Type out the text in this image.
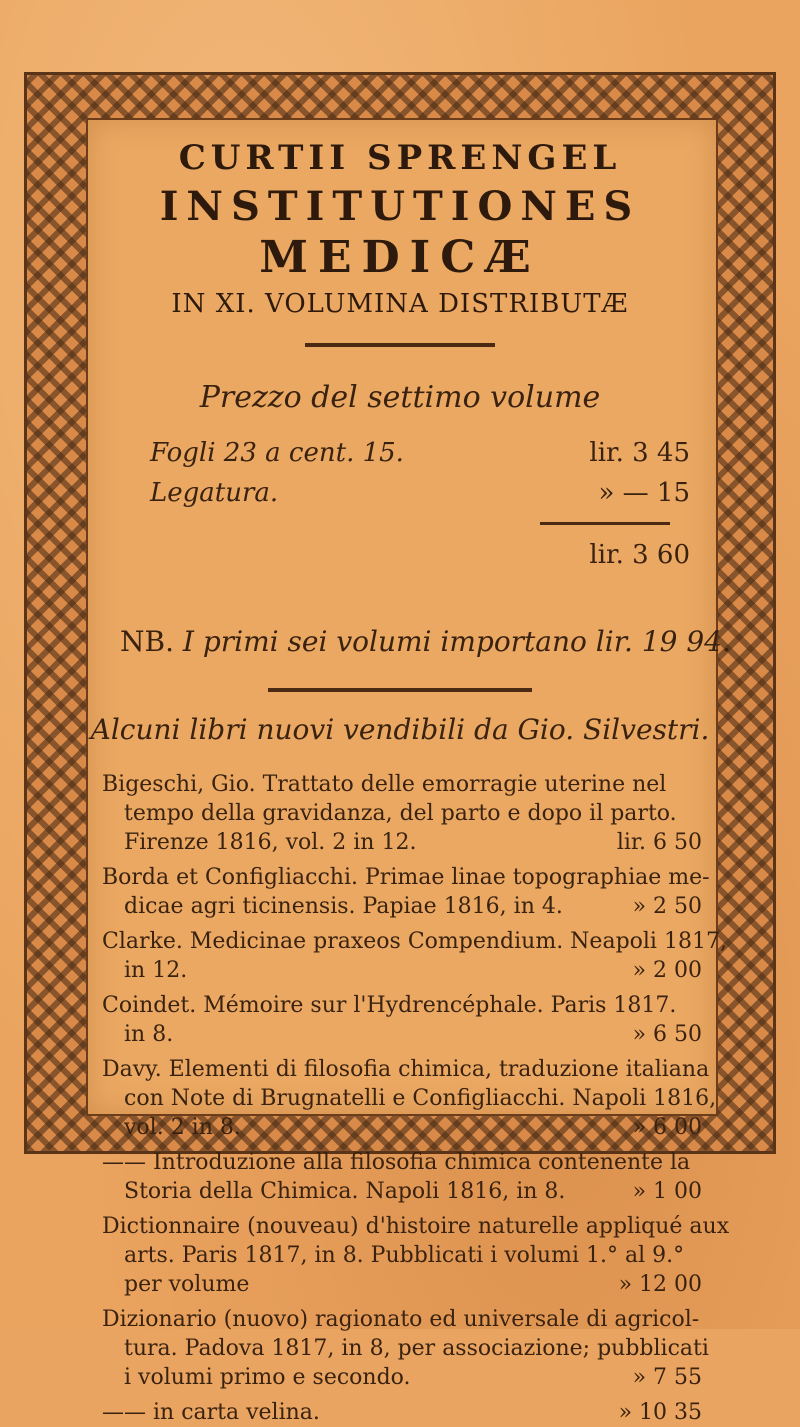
CURTII SPRENGEL
INSTITUTIONES
MEDICÆ
IN XI. VOLUMINA DISTRIBUTÆ
Prezzo del settimo volume
Fogli 23 a cent. 15.	lir. 3 45
Legatura.	» — 15
lir. 3 60
NB. I primi sei volumi importano lir. 19 94.
Alcuni libri nuovi vendibili da Gio. Silvestri.
Bigeschi, Gio. Trattato delle emorragie uterine nel
tempo della gravidanza, del parto e dopo il parto.
Firenze 1816, vol. 2 in 12.	lir. 6 50
Borda et Configliacchi. Primae linae topographiae me-
dicae agri ticinensis. Papiae 1816, in 4.	» 2 50
Clarke. Medicinae praxeos Compendium. Neapoli 1817,
in 12.	» 2 00
Coindet. Mémoire sur l'Hydrencéphale. Paris 1817.
in 8.	» 6 50
Davy. Elementi di filosofia chimica, traduzione italiana
con Note di Brugnatelli e Configliacchi. Napoli 1816,
vol. 2 in 8.	» 6 00
—— Introduzione alla filosofia chimica contenente la
Storia della Chimica. Napoli 1816, in 8.	» 1 00
Dictionnaire (nouveau) d'histoire naturelle appliqué aux
arts. Paris 1817, in 8. Pubblicati i volumi 1.° al 9.°
per volume	» 12 00
Dizionario (nuovo) ragionato ed universale di agricol-
tura. Padova 1817, in 8, per associazione; pubblicati
i volumi primo e secondo.	» 7 55
—— in carta velina.	» 10 35
